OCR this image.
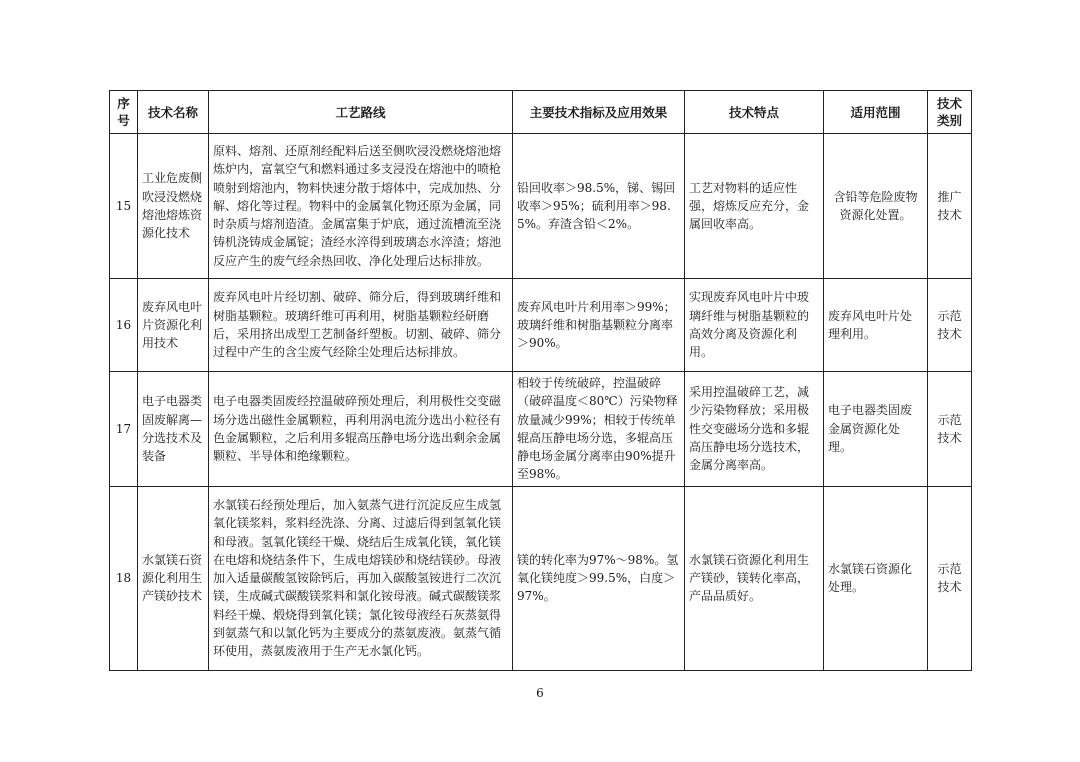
序号	技术名称	工艺路线	主要技术指标及应用效果	技术特点	适用范围	技术类别
15	工业危废侧吹浸没燃烧熔池熔炼资源化技术	原料、熔剂、还原剂经配料后送至侧吹浸没燃烧熔池熔炼炉内，富氧空气和燃料通过多支浸没在熔池中的喷枪喷射到熔池内，物料快速分散于熔体中，完成加热、分解、熔化等过程。物料中的金属氧化物还原为金属，同时杂质与熔剂造渣。金属富集于炉底，通过流槽流至浇铸机浇铸成金属锭；渣经水淬得到玻璃态水淬渣；熔池反应产生的废气经余热回收、净化处理后达标排放。	铅回收率＞98.5%，锑、锡回收率＞95%；硫利用率＞98.5%。弃渣含铅＜2%。	工艺对物料的适应性强，熔炼反应充分，金属回收率高。	含铅等危险废物资源化处置。	推广技术
16	废弃风电叶片资源化利用技术	废弃风电叶片经切割、破碎、筛分后，得到玻璃纤维和树脂基颗粒。玻璃纤维可再利用，树脂基颗粒经研磨后，采用挤出成型工艺制备纤塑板。切割、破碎、筛分过程中产生的含尘废气经除尘处理后达标排放。	废弃风电叶片利用率＞99%；玻璃纤维和树脂基颗粒分离率＞90%。	实现废弃风电叶片中玻璃纤维与树脂基颗粒的高效分离及资源化利用。	废弃风电叶片处理利用。	示范技术
17	电子电器类固废解离—分选技术及装备	电子电器类固废经控温破碎预处理后，利用极性交变磁场分选出磁性金属颗粒，再利用涡电流分选出小粒径有色金属颗粒，之后利用多辊高压静电场分选出剩余金属颗粒、半导体和绝缘颗粒。	相较于传统破碎，控温破碎（破碎温度＜80℃）污染物释放量减少99%；相较于传统单辊高压静电场分选，多辊高压静电场金属分离率由90%提升至98%。	采用控温破碎工艺，减少污染物释放；采用极性交变磁场分选和多辊高压静电场分选技术，金属分离率高。	电子电器类固废金属资源化处理。	示范技术
18	水氯镁石资源化利用生产镁砂技术	水氯镁石经预处理后，加入氨蒸气进行沉淀反应生成氢氧化镁浆料，浆料经洗涤、分离、过滤后得到氢氧化镁和母液。氢氧化镁经干燥、烧结后生成氧化镁，氧化镁在电熔和烧结条件下，生成电熔镁砂和烧结镁砂。母液加入适量碳酸氢铵除钙后，再加入碳酸氢铵进行二次沉镁，生成碱式碳酸镁浆料和氯化铵母液。碱式碳酸镁浆料经干燥、煅烧得到氧化镁；氯化铵母液经石灰蒸氨得到氨蒸气和以氯化钙为主要成分的蒸氨废液。氨蒸气循环使用，蒸氨废液用于生产无水氯化钙。	镁的转化率为97%～98%。氢氧化镁纯度＞99.5%，白度＞97%。	水氯镁石资源化利用生产镁砂，镁转化率高，产品品质好。	水氯镁石资源化处理。	示范技术
6
